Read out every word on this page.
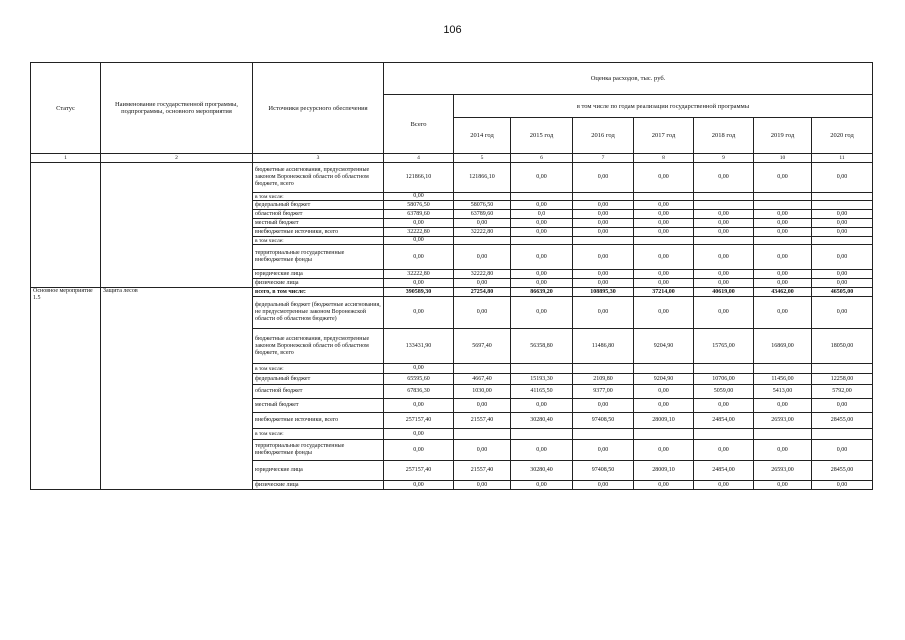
106
Статус	Наименование государственной программы, подпрограммы, основного мероприятия	Источники ресурсного обеспечения	Оценка расходов, тыс. руб.							
			Всего	в том числе по годам реализации государственной программы						
				2014 год	2015 год	2016 год	2017 год	2018 год	2019 год	2020 год
1	2	3	4	5	6	7	8	9	10	11
		бюджетные ассигнования, предусмотренные законом Воронежской области об областном бюджете, всего	121866,10	121866,10	0,00	0,00	0,00	0,00	0,00	0,00
		в том числе:	0,00							
		федеральный бюджет	58076,50	58076,50	0,00	0,00	0,00			
		областной бюджет	63789,60	63789,60	0,0	0,00	0,00	0,00	0,00	0,00
		местный бюджет	0,00	0,00	0,00	0,00	0,00	0,00	0,00	0,00
		внебюджетные источники, всего	32222,80	32222,80	0,00	0,00	0,00	0,00	0,00	0,00
		в том числе:	0,00							
		территориальные государственные внебюджетные фонды	0,00	0,00	0,00	0,00	0,00	0,00	0,00	0,00
		юридические лица	32222,80	32222,80	0,00	0,00	0,00	0,00	0,00	0,00
		физические лица	0,00	0,00	0,00	0,00	0,00	0,00	0,00	0,00
Основное мероприятие 1.5	Защита лесов	всего, в том числе:	390589,30	27254,80	86639,20	108895,30	37214,00	40619,00	43462,00	46505,00
		федеральный бюджет (бюджетные ассигнования, не предусмотренные законом Воронежской области об областном бюджете)	0,00	0,00	0,00	0,00	0,00	0,00	0,00	0,00
		бюджетные ассигнования, предусмотренные законом Воронежской области об областном бюджете, всего	133431,90	5697,40	56358,80	11486,80	9204,90	15765,00	16869,00	18050,00
		в том числе:	0,00							
		федеральный бюджет	65595,60	4667,40	15193,30	2109,80	9204,90	10706,00	11456,00	12258,00
		областной бюджет	67836,30	1030,00	41165,50	9377,00	0,00	5059,00	5413,00	5792,00
		местный бюджет	0,00	0,00	0,00	0,00	0,00	0,00	0,00	0,00
		внебюджетные источники, всего	257157,40	21557,40	30280,40	97408,50	28009,10	24854,00	26593,00	28455,00
		в том числе:	0,00							
		территориальные государственные внебюджетные фонды	0,00	0,00	0,00	0,00	0,00	0,00	0,00	0,00
		юридические лица	257157,40	21557,40	30280,40	97408,50	28009,10	24854,00	26593,00	28455,00
		физические лица	0,00	0,00	0,00	0,00	0,00	0,00	0,00	0,00
